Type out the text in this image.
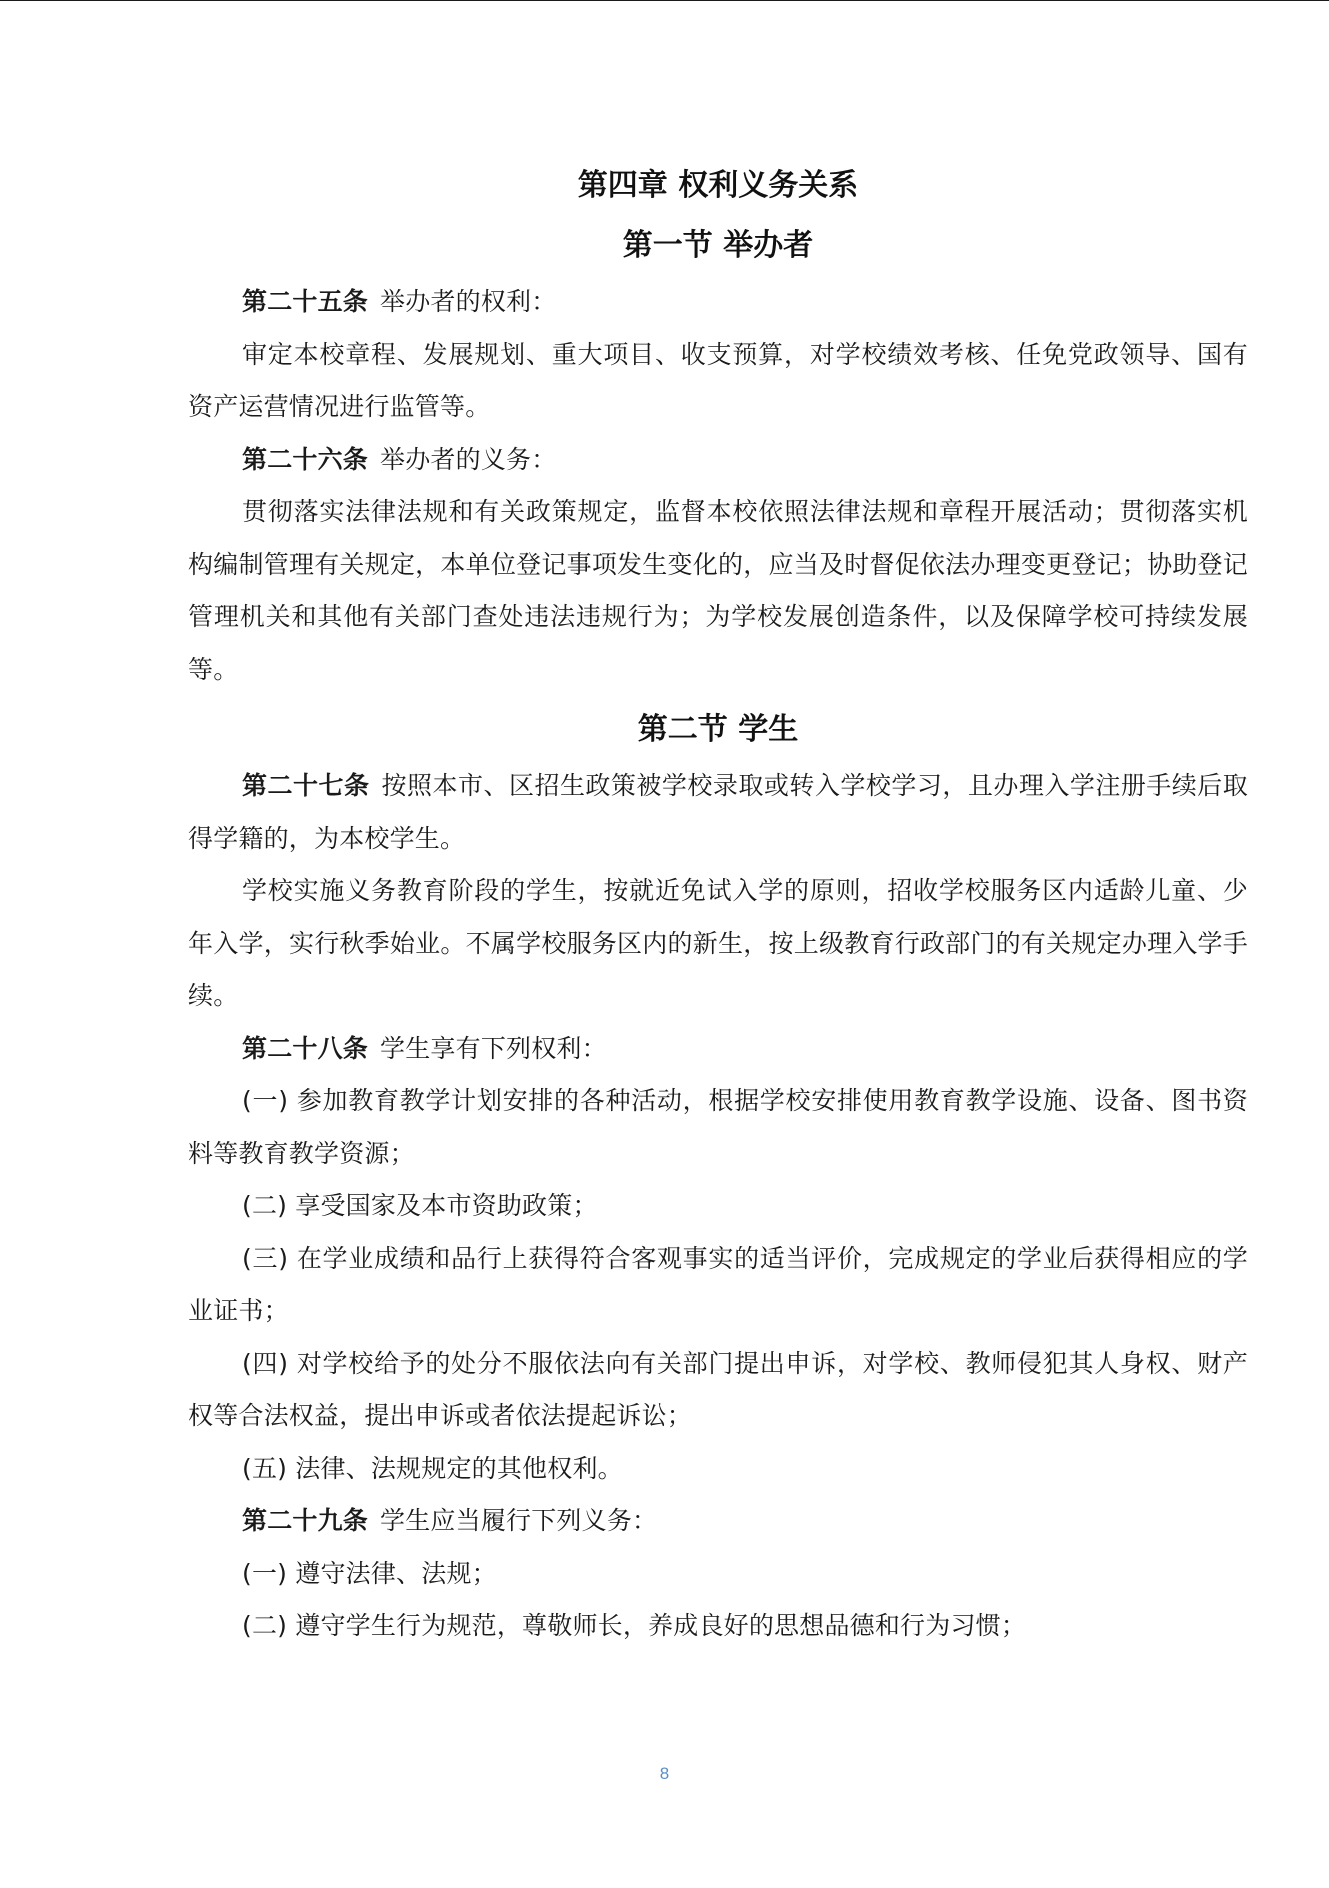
第四章 权利义务关系
第一节 举办者

第二十五条 举办者的权利：

审定本校章程、发展规划、重大项目、收支预算，对学校绩效考核、任免党政领导、国有资产运营情况进行监管等。

第二十六条 举办者的义务：

贯彻落实法律法规和有关政策规定，监督本校依照法律法规和章程开展活动；贯彻落实机构编制管理有关规定，本单位登记事项发生变化的，应当及时督促依法办理变更登记；协助登记管理机关和其他有关部门查处违法违规行为；为学校发展创造条件，以及保障学校可持续发展等。

第二节 学生

第二十七条 按照本市、区招生政策被学校录取或转入学校学习，且办理入学注册手续后取得学籍的，为本校学生。

学校实施义务教育阶段的学生，按就近免试入学的原则，招收学校服务区内适龄儿童、少年入学，实行秋季始业。不属学校服务区内的新生，按上级教育行政部门的有关规定办理入学手续。

第二十八条 学生享有下列权利：

(一) 参加教育教学计划安排的各种活动，根据学校安排使用教育教学设施、设备、图书资料等教育教学资源；

(二) 享受国家及本市资助政策；

(三) 在学业成绩和品行上获得符合客观事实的适当评价，完成规定的学业后获得相应的学业证书；

(四) 对学校给予的处分不服依法向有关部门提出申诉，对学校、教师侵犯其人身权、财产权等合法权益，提出申诉或者依法提起诉讼；

(五) 法律、法规规定的其他权利。

第二十九条 学生应当履行下列义务：

(一) 遵守法律、法规；

(二) 遵守学生行为规范，尊敬师长，养成良好的思想品德和行为习惯；

8
